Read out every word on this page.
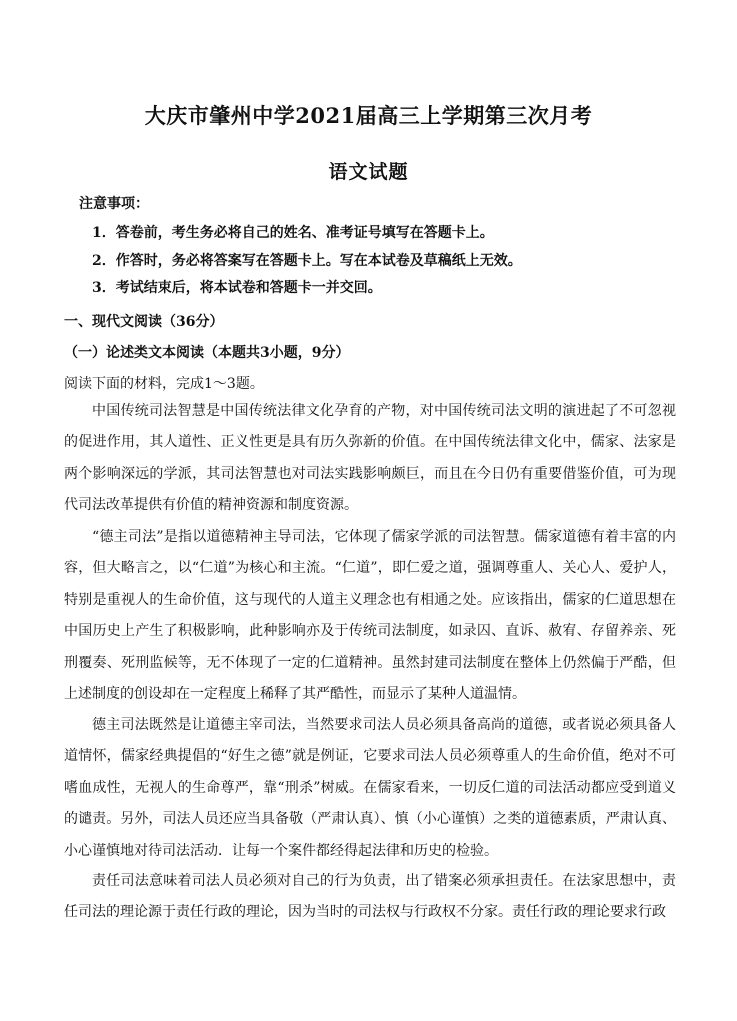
大庆市肇州中学2021届高三上学期第三次月考
语文试题
注意事项：
1．答卷前，考生务必将自己的姓名、准考证号填写在答题卡上。
2．作答时，务必将答案写在答题卡上。写在本试卷及草稿纸上无效。
3．考试结束后，将本试卷和答题卡一并交回。
一、现代文阅读（36分）
（一）论述类文本阅读（本题共3小题，9分）
阅读下面的材料，完成1～3题。
中国传统司法智慧是中国传统法律文化孕育的产物，对中国传统司法文明的演进起了不可忽视的促进作用，其人道性、正义性更是具有历久弥新的价值。在中国传统法律文化中，儒家、法家是两个影响深远的学派，其司法智慧也对司法实践影响颇巨，而且在今日仍有重要借鉴价值，可为现代司法改革提供有价值的精神资源和制度资源。
“德主司法”是指以道德精神主导司法，它体现了儒家学派的司法智慧。儒家道德有着丰富的内容，但大略言之，以“仁道”为核心和主流。“仁道”，即仁爱之道，强调尊重人、关心人、爱护人，特别是重视人的生命价值，这与现代的人道主义理念也有相通之处。应该指出，儒家的仁道思想在中国历史上产生了积极影响，此种影响亦及于传统司法制度，如录囚、直诉、赦宥、存留养亲、死刑覆奏、死刑监候等，无不体现了一定的仁道精神。虽然封建司法制度在整体上仍然偏于严酷，但上述制度的创设却在一定程度上稀释了其严酷性，而显示了某种人道温情。
德主司法既然是让道德主宰司法，当然要求司法人员必须具备高尚的道德，或者说必须具备人道情怀，儒家经典提倡的“好生之德”就是例证，它要求司法人员必须尊重人的生命价值，绝对不可嗜血成性，无视人的生命尊严，靠“刑杀”树威。在儒家看来，一切反仁道的司法活动都应受到道义的谴责。另外，司法人员还应当具备敬（严肃认真）、慎（小心谨慎）之类的道德素质，严肃认真、小心谨慎地对待司法活动．让每一个案件都经得起法律和历史的检验。
责任司法意味着司法人员必须对自己的行为负责，出了错案必须承担责任。在法家思想中，责任司法的理论源于责任行政的理论，因为当时的司法权与行政权不分家。责任行政的理论要求行政
